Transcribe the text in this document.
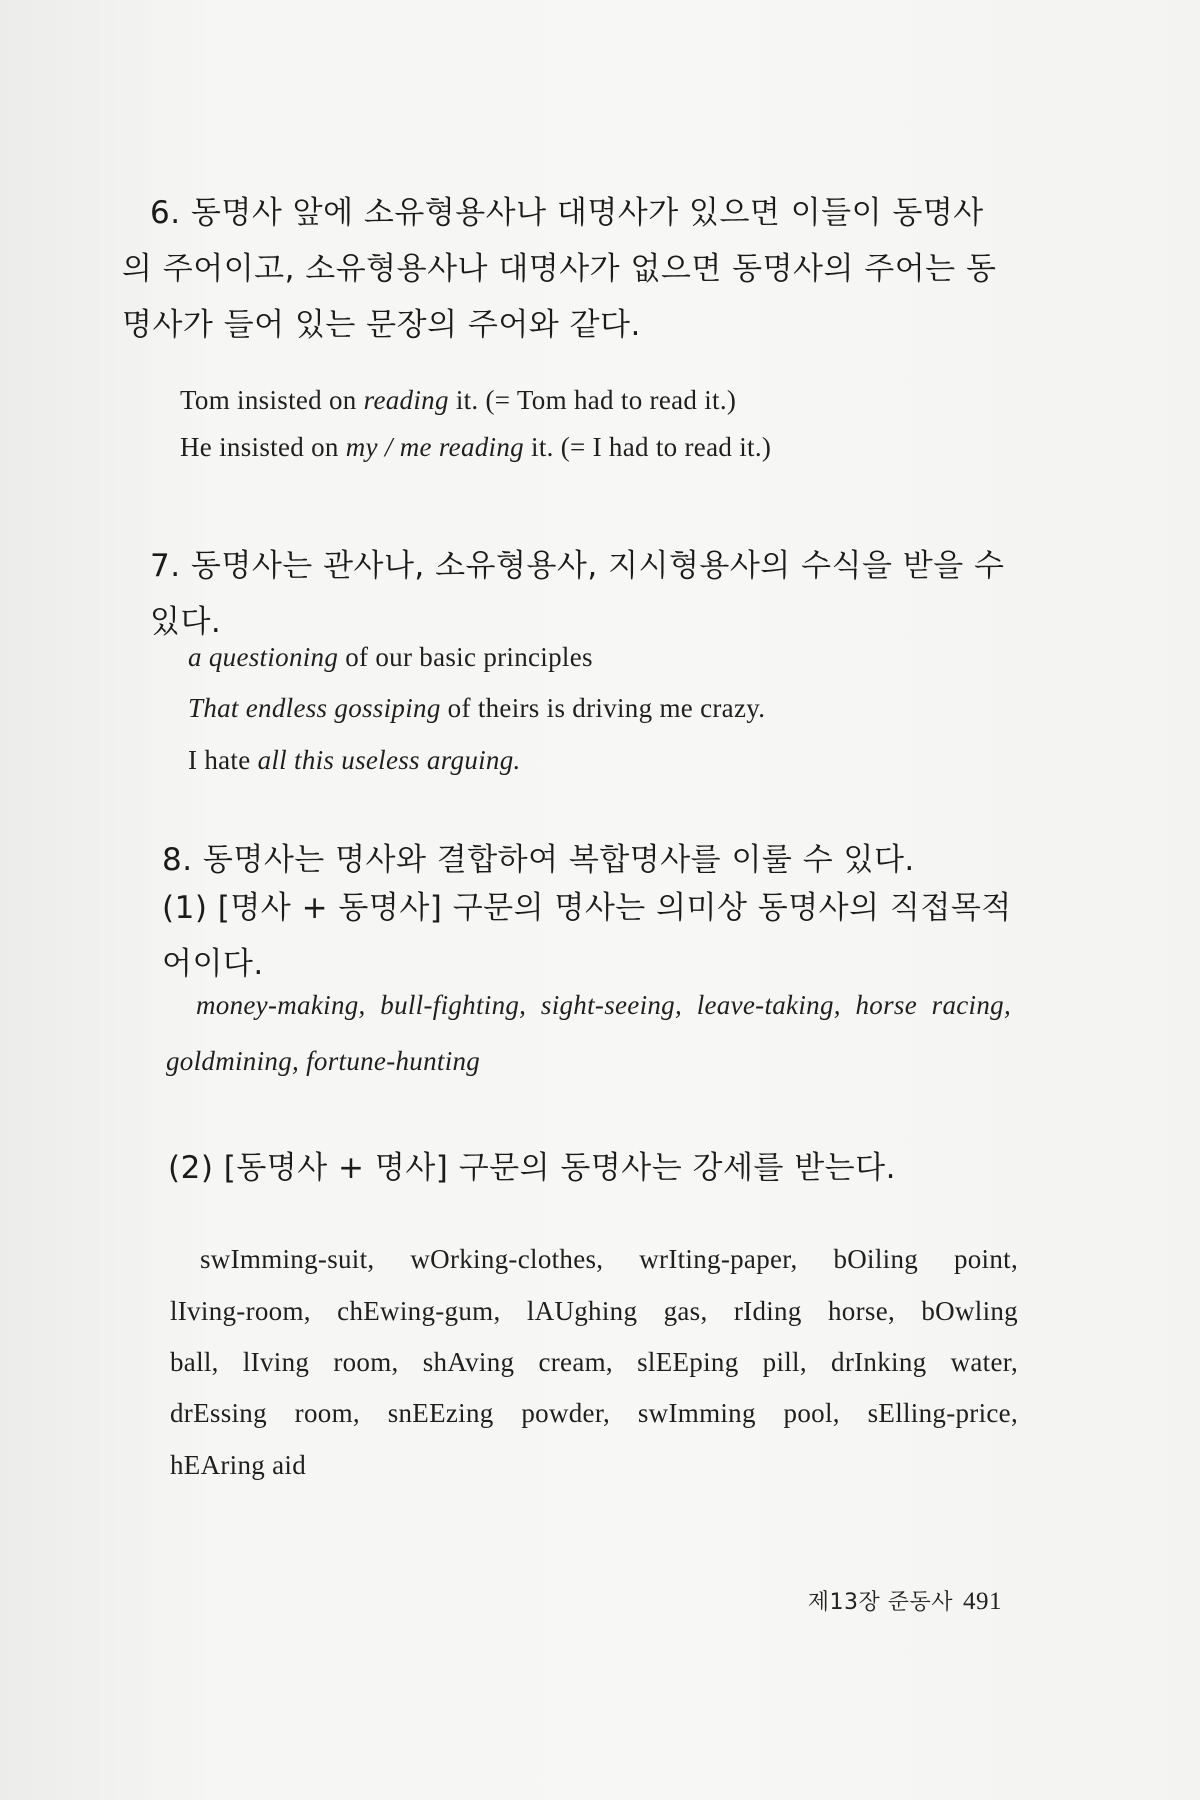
6. 동명사 앞에 소유형용사나 대명사가 있으면 이들이 동명사의 주어이고, 소유형용사나 대명사가 없으면 동명사의 주어는 동명사가 들어 있는 문장의 주어와 같다.
Tom insisted on reading it. (= Tom had to read it.)
He insisted on my / me reading it. (= I had to read it.)
7. 동명사는 관사나, 소유형용사, 지시형용사의 수식을 받을 수 있다.
a questioning of our basic principles
That endless gossiping of theirs is driving me crazy.
I hate all this useless arguing.
8. 동명사는 명사와 결합하여 복합명사를 이룰 수 있다.
(1) [명사 + 동명사] 구문의 명사는 의미상 동명사의 직접목적어이다.
money-making, bull-fighting, sight-seeing, leave-taking, horse racing,
goldmining, fortune-hunting
(2) [동명사 + 명사] 구문의 동명사는 강세를 받는다.
swImming-suit, wOrking-clothes, wrIting-paper, bOiling point,
lIving-room, chEwing-gum, lAUghing gas, rIding horse, bOwling
ball, lIving room, shAving cream, slEEping pill, drInking water,
drEssing room, snEEzing powder, swImming pool, sElling-price,
hEAring aid
제13장 준동사 491
